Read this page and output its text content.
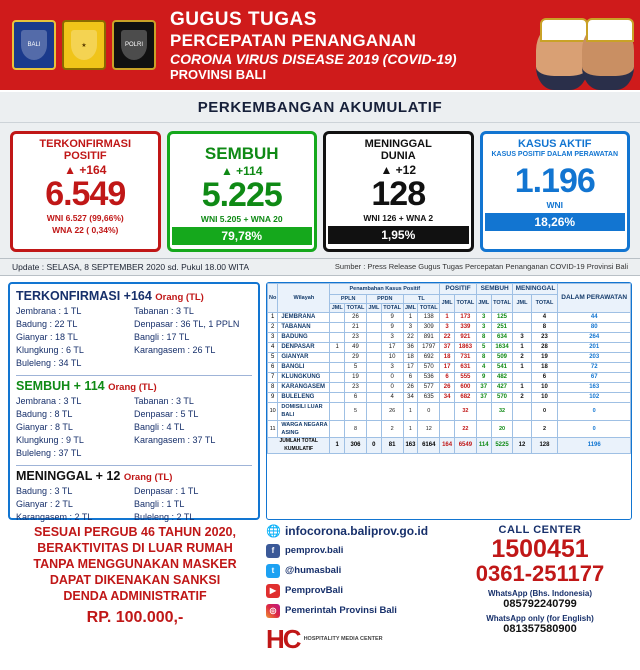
BALI	★	POLRI
GUGUS TUGAS
PERCEPATAN PENANGANAN
CORONA VIRUS DISEASE 2019 (COVID-19)
PROVINSI BALI
PERKEMBANGAN AKUMULATIF
TERKONFIRMASI
POSITIF
▲ +164
6.549
WNI 6.527 (99,66%)
WNA 22 ( 0,34%)
SEMBUH
▲ +114
5.225
WNI 5.205 + WNA 20
79,78%
MENINGGAL
DUNIA
▲ +12
128
WNI 126 + WNA 2
1,95%
KASUS AKTIF
KASUS POSITIF DALAM PERAWATAN
1.196
WNI
18,26%
Update : SELASA, 8 SEPTEMBER 2020 sd. Pukul 18.00 WITA	Sumber : Press Release Gugus Tugas Percepatan Penanganan COVID-19 Provinsi Bali
TERKONFIRMASI +164 Orang (TL)
Jembrana : 1 TL
Badung : 22 TL
Gianyar : 18 TL
Klungkung : 6 TL
Buleleng : 34 TL
Tabanan : 3 TL
Denpasar : 36 TL, 1 PPLN
Bangli : 17 TL
Karangasem : 26 TL
SEMBUH + 114 Orang (TL)
Jembrana : 3 TL
Badung : 8 TL
Gianyar : 8 TL
Klungkung : 9 TL
Buleleng : 37 TL
Tabanan : 3 TL
Denpasar : 5 TL
Bangli : 4 TL
Karangasem : 37 TL
MENINGGAL + 12 Orang (TL)
Badung : 3 TL
Gianyar : 2 TL
Karangasem : 2 TL
Denpasar : 1 TL
Bangli : 1 TL
Buleleng : 2 TL
No	Wilayah	Penambahan Kasus Positif						POSITIF		SEMBUH		MENINGGAL		DALAM PERAWATAN
		PPLN		PPDN		TL		JML	TOTAL	JML	TOTAL	JML	TOTAL	
		JML	TOTAL	JML	TOTAL	JML	TOTAL							
1	JEMBRANA		26		9	1	138	1	173	3	125		4	44
2	TABANAN		21		9	3	309	3	339	3	251		8	80
3	BADUNG		23		3	22	891	22	921	8	634	3	23	264
4	DENPASAR	1	49		17	36	1797	37	1863	5	1634	1	28	201
5	GIANYAR		29		10	18	692	18	731	8	509	2	19	203
6	BANGLI		5		3	17	570	17	631	4	541	1	18	72
7	KLUNGKUNG		19		0	6	536	6	555	9	482		6	67
8	KARANGASEM		23		0	26	577	26	600	37	427	1	10	163
9	BULELENG		6		4	34	635	34	682	37	570	2	10	102
10	DOMISILI LUAR BALI		5		26	1	0		32		32		0	0
11	WARGA NEGARA ASING		8		2	1	12		22		20		2	0
JUMLAH TOTAL KUMULATIF		1	306	0	81	163	6164	164	6549	114	5225	12	128	1196
SESUAI PERGUB 46 TAHUN 2020,
BERAKTIVITAS DI LUAR RUMAH
TANPA MENGGUNAKAN MASKER
DAPAT DIKENAKAN SANKSI
DENDA ADMINISTRATIF
RP. 100.000,-
🌐 infocorona.baliprov.go.id
f	pemprov.bali
t	@humasbali
▶ PemprovBali
◎ Pemerintah Provinsi Bali
HC HOSPITALITY MEDIA CENTER
CALL CENTER
1500451
0361-251177
WhatsApp (Bhs. Indonesia)
085792240799
WhatsApp only (for English)
081357580900
